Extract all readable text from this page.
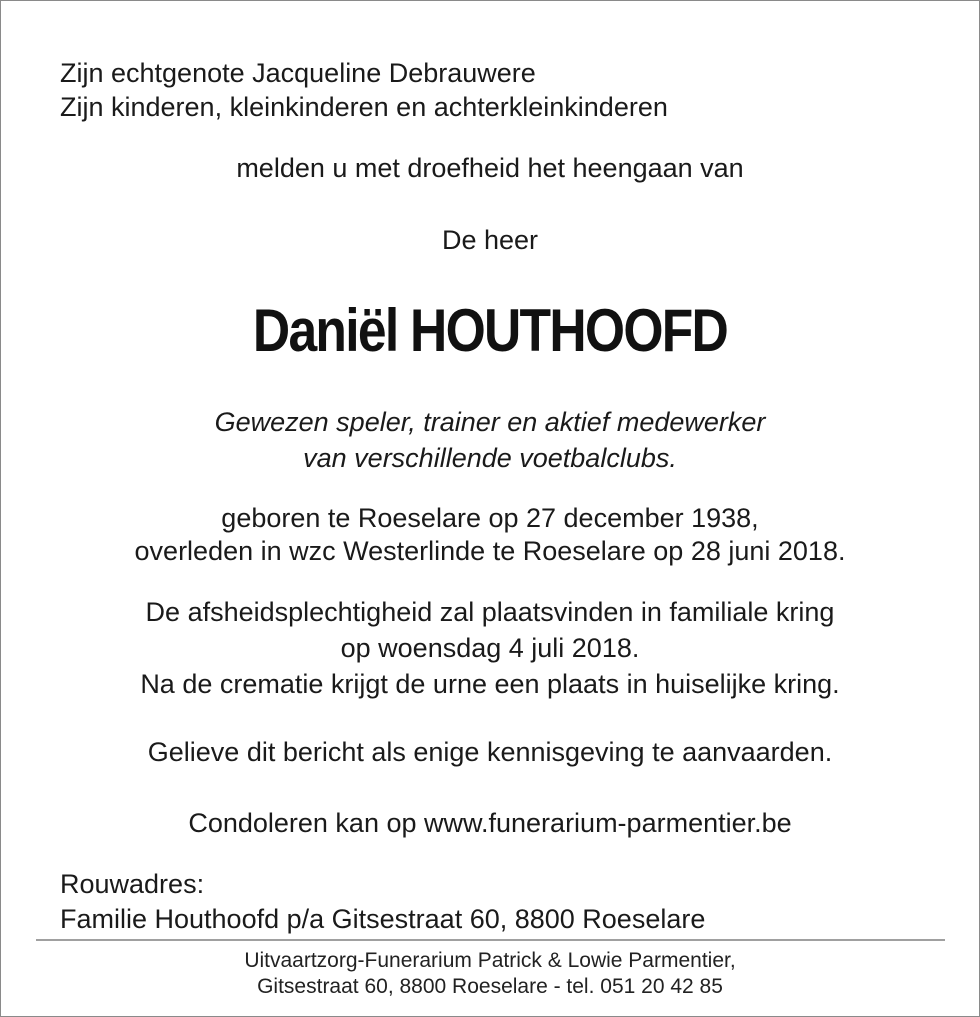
Zijn echtgenote Jacqueline Debrauwere
Zijn kinderen, kleinkinderen en achterkleinkinderen
melden u met droefheid het heengaan van
De heer
Daniël HOUTHOOFD
Gewezen speler, trainer en aktief medewerker
van verschillende voetbalclubs.
geboren te Roeselare op 27 december 1938,
overleden in wzc Westerlinde te Roeselare op 28 juni 2018.
De afsheidsplechtigheid zal plaatsvinden in familiale kring
op woensdag 4 juli 2018.
Na de crematie krijgt de urne een plaats in huiselijke kring.
Gelieve dit bericht als enige kennisgeving te aanvaarden.
Condoleren kan op www.funerarium-parmentier.be
Rouwadres:
Familie Houthoofd p/a Gitsestraat 60, 8800 Roeselare
Uitvaartzorg-Funerarium Patrick & Lowie Parmentier,
Gitsestraat 60, 8800 Roeselare - tel. 051 20 42 85
